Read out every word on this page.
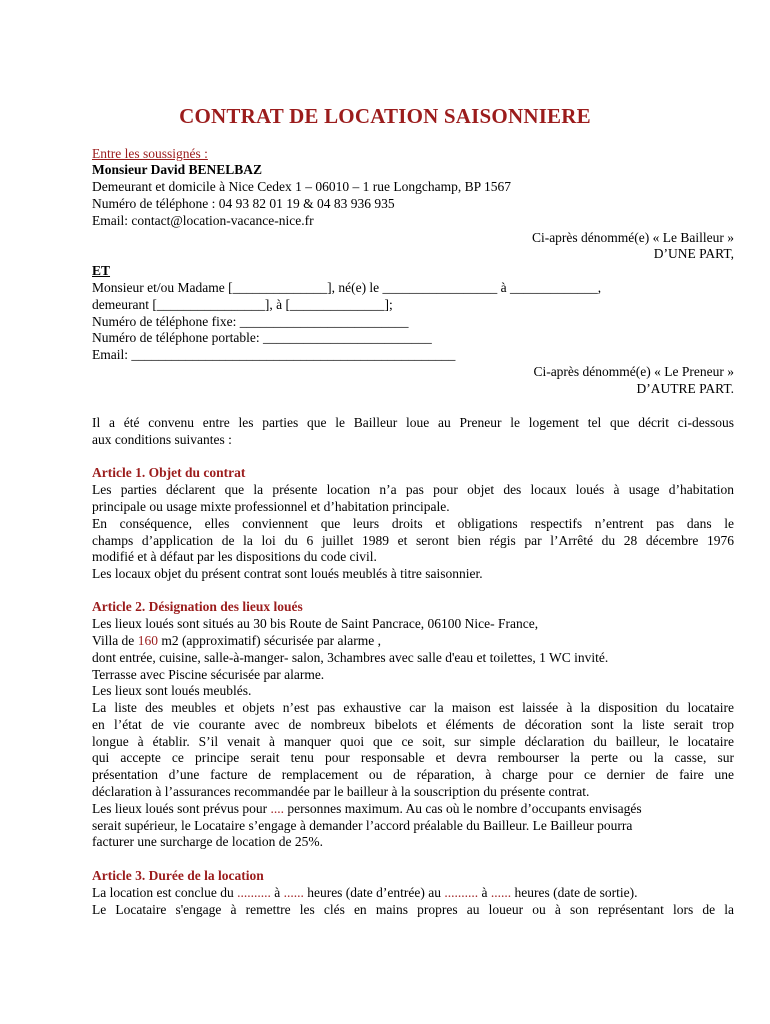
CONTRAT DE LOCATION SAISONNIERE
Entre les soussignés :
Monsieur David BENELBAZ
Demeurant et domicile à Nice Cedex 1 – 06010 – 1 rue Longchamp, BP 1567
Numéro de téléphone : 04 93 82 01 19 & 04 83 936 935
Email: contact@location-vacance-nice.fr
Ci-après dénommé(e) « Le Bailleur »
D’UNE PART,
ET
Monsieur et/ou Madame [______________], né(e) le _________________ à _____________,
demeurant [________________], à [______________];
Numéro de téléphone fixe: _________________________
Numéro de téléphone portable: _________________________
Email: ________________________________________________
Ci-après dénommé(e) « Le Preneur »
D’AUTRE PART.
Il a été convenu entre les parties que le Bailleur loue au Preneur le logement tel que décrit ci-dessous
aux conditions suivantes :
Article 1. Objet du contrat
Les parties déclarent que la présente location n’a pas pour objet des locaux loués à usage d’habitation
principale ou usage mixte professionnel et d’habitation principale.
En conséquence, elles conviennent que leurs droits et obligations respectifs n’entrent pas dans le
champs d’application de la loi du 6 juillet 1989 et seront bien régis par l’Arrêté du 28 décembre 1976
modifié et à défaut par les dispositions du code civil.
Les locaux objet du présent contrat sont loués meublés à titre saisonnier.
Article 2. Désignation des lieux loués
Les lieux loués sont situés au 30 bis Route de Saint Pancrace, 06100 Nice- France,
Villa de 160 m2 (approximatif) sécurisée par alarme ,
dont entrée, cuisine, salle-à-manger- salon, 3chambres avec salle d'eau et toilettes, 1 WC invité.
Terrasse avec Piscine sécurisée par alarme.
Les lieux sont loués meublés.
La liste des meubles et objets n’est pas exhaustive car la maison est laissée à la disposition du locataire
en l’état de vie courante avec de nombreux bibelots et éléments de décoration sont la liste serait trop
longue à établir. S’il venait à manquer quoi que ce soit, sur simple déclaration du bailleur, le locataire
qui accepte ce principe serait tenu pour responsable et devra rembourser la perte ou la casse, sur
présentation d’une facture de remplacement ou de réparation, à charge pour ce dernier de faire une
déclaration à l’assurances recommandée par le bailleur à la souscription du présente contrat.
Les lieux loués sont prévus pour .... personnes maximum. Au cas où le nombre d’occupants envisagés
serait supérieur, le Locataire s’engage à demander l’accord préalable du Bailleur. Le Bailleur pourra
facturer une surcharge de location de 25%.
Article 3. Durée de la location
La location est conclue du .......... à ...... heures (date d’entrée) au .......... à ...... heures (date de sortie).
Le Locataire s'engage à remettre les clés en mains propres au loueur ou à son représentant lors de la
